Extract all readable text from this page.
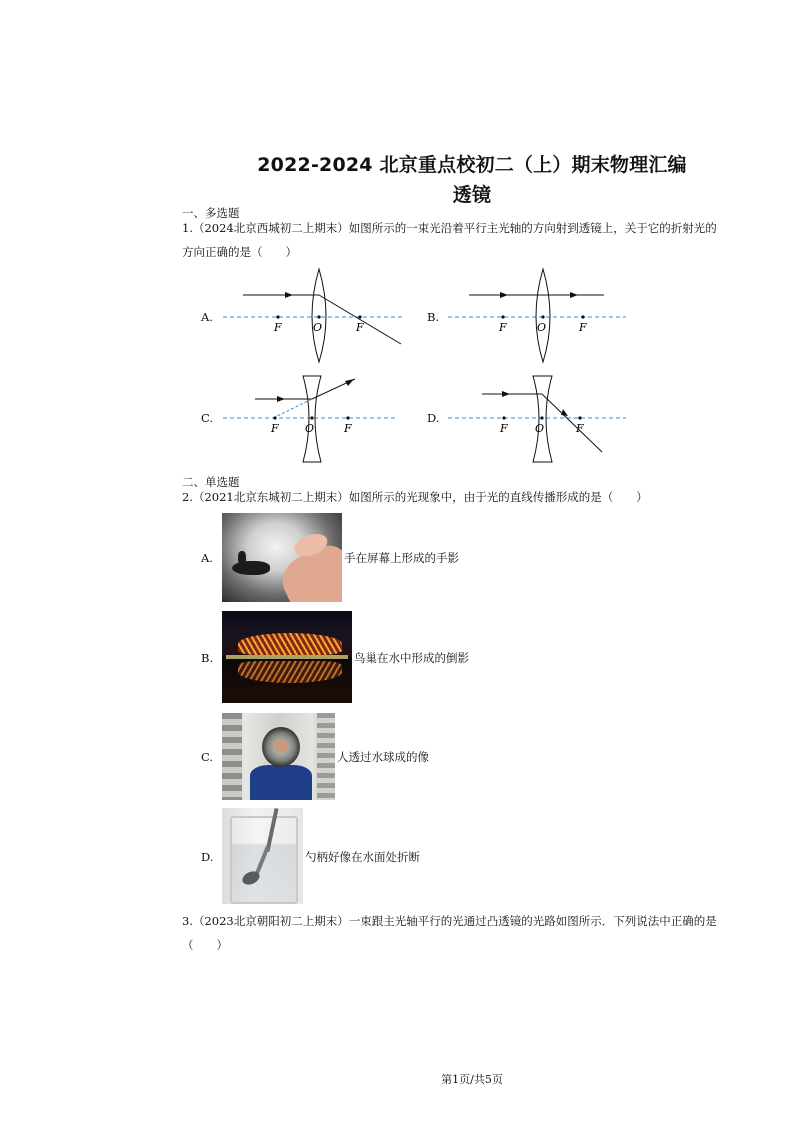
2022-2024 北京重点校初二（上）期末物理汇编
透镜
一、多选题
1.（2024北京西城初二上期末）如图所示的一束光沿着平行主光轴的方向射到透镜上，关于它的折射光的
方向正确的是（　　）
A.	B.
C.	D.
F	O	F	F	O	F
F O	F	F O	F
二、单选题
2.（2021北京东城初二上期末）如图所示的光现象中，由于光的直线传播形成的是（　　）
A.	手在屏幕上形成的手影
B.	鸟巢在水中形成的倒影
C.	人透过水球成的像
D.	勺柄好像在水面处折断
3.（2023北京朝阳初二上期末）一束跟主光轴平行的光通过凸透镜的光路如图所示．下列说法中正确的是
（　　）
第1页/共5页
